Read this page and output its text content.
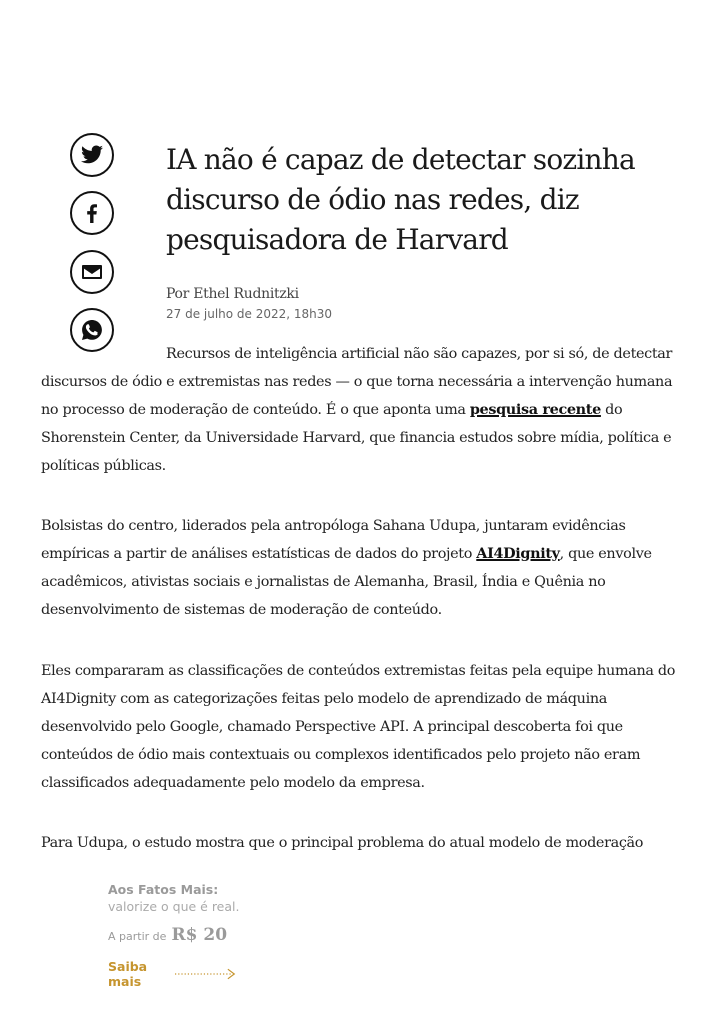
IA não é capaz de detectar sozinha discurso de ódio nas redes, diz pesquisadora de Harvard

Por Ethel Rudnitzki

27 de julho de 2022, 18h30

Recursos de inteligência artificial não são capazes, por si só, de detectar discursos de ódio e extremistas nas redes — o que torna necessária a intervenção humana no processo de moderação de conteúdo. É o que aponta uma pesquisa recente do Shorenstein Center, da Universidade Harvard, que financia estudos sobre mídia, política e políticas públicas.

Bolsistas do centro, liderados pela antropóloga Sahana Udupa, juntaram evidências empíricas a partir de análises estatísticas de dados do projeto AI4Dignity, que envolve acadêmicos, ativistas sociais e jornalistas de Alemanha, Brasil, Índia e Quênia no desenvolvimento de sistemas de moderação de conteúdo.

Eles compararam as classificações de conteúdos extremistas feitas pela equipe humana do AI4Dignity com as categorizações feitas pelo modelo de aprendizado de máquina desenvolvido pelo Google, chamado Perspective API. A principal descoberta foi que conteúdos de ódio mais contextuais ou complexos identificados pelo projeto não eram classificados adequadamente pelo modelo da empresa.

Para Udupa, o estudo mostra que o principal problema do atual modelo de moderação

Aos Fatos Mais:

valorize o que é real.

A partir de R$ 20
Saiba mais
